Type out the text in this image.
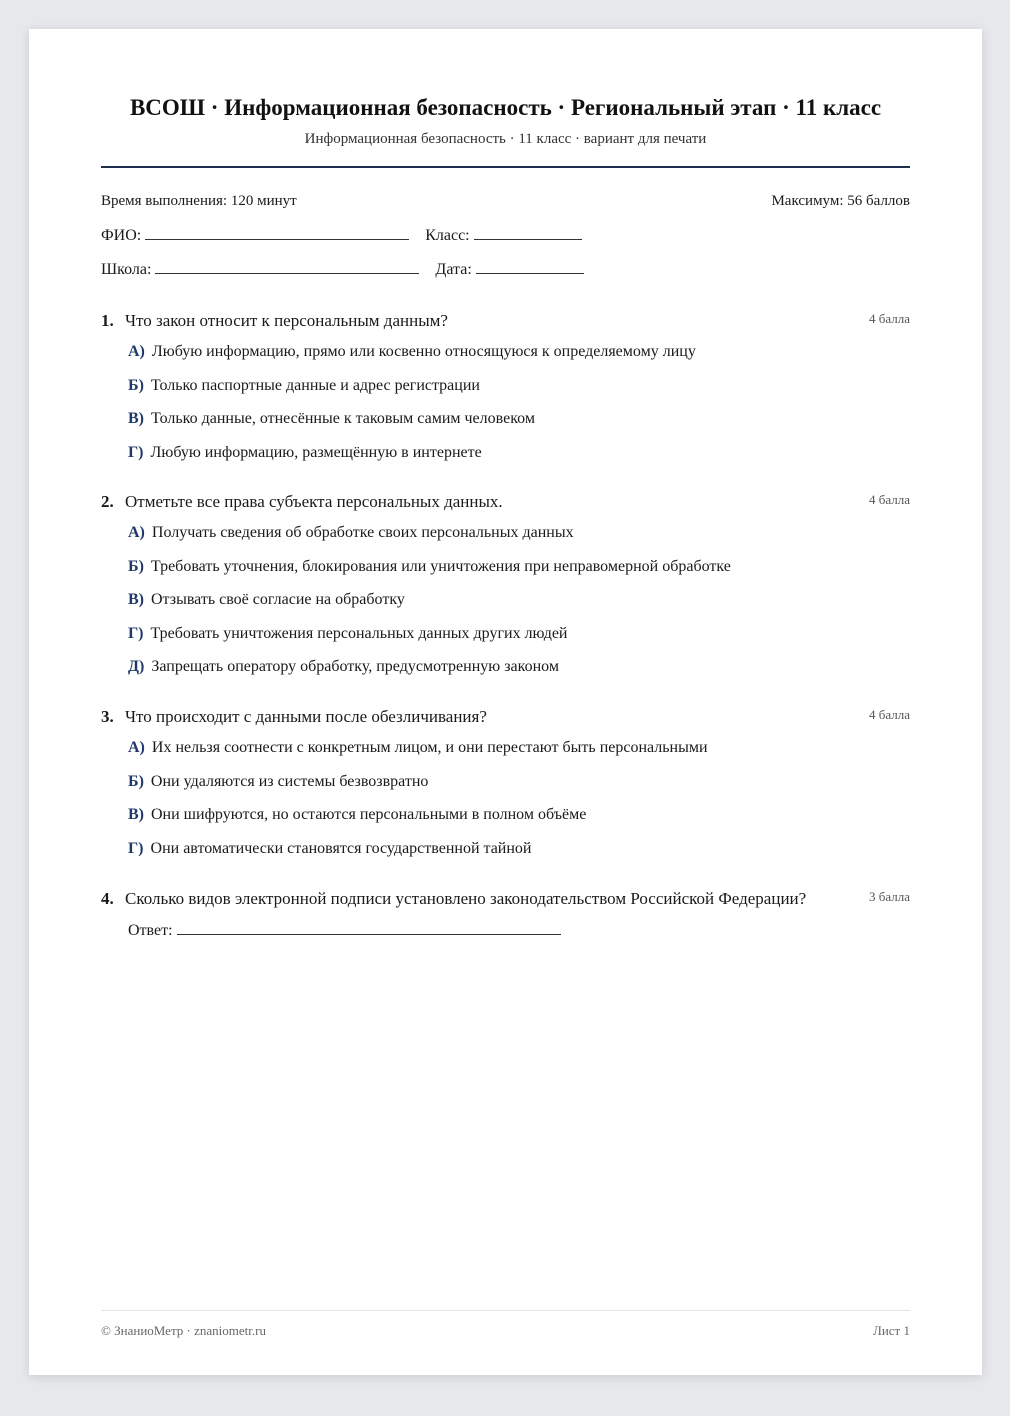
ВСОШ · Информационная безопасность · Региональный этап · 11 класс
Информационная безопасность · 11 класс · вариант для печати
Время выполнения: 120 минут	Максимум: 56 баллов
ФИО:	Класс:
Школа:	Дата:
1. Что закон относит к персональным данным?	4 балла
А) Любую информацию, прямо или косвенно относящуюся к определяемому лицу
Б) Только паспортные данные и адрес регистрации
В) Только данные, отнесённые к таковым самим человеком
Г) Любую информацию, размещённую в интернете
2. Отметьте все права субъекта персональных данных.	4 балла
А) Получать сведения об обработке своих персональных данных
Б) Требовать уточнения, блокирования или уничтожения при неправомерной обработке
В) Отзывать своё согласие на обработку
Г) Требовать уничтожения персональных данных других людей
Д) Запрещать оператору обработку, предусмотренную законом
3. Что происходит с данными после обезличивания?	4 балла
А) Их нельзя соотнести с конкретным лицом, и они перестают быть персональными
Б) Они удаляются из системы безвозвратно
В) Они шифруются, но остаются персональными в полном объёме
Г) Они автоматически становятся государственной тайной
4. Сколько видов электронной подписи установлено законодательством Российской Федерации?	3 балла
Ответ:
© ЗнаниоМетр · znaniometr.ru	Лист 1
